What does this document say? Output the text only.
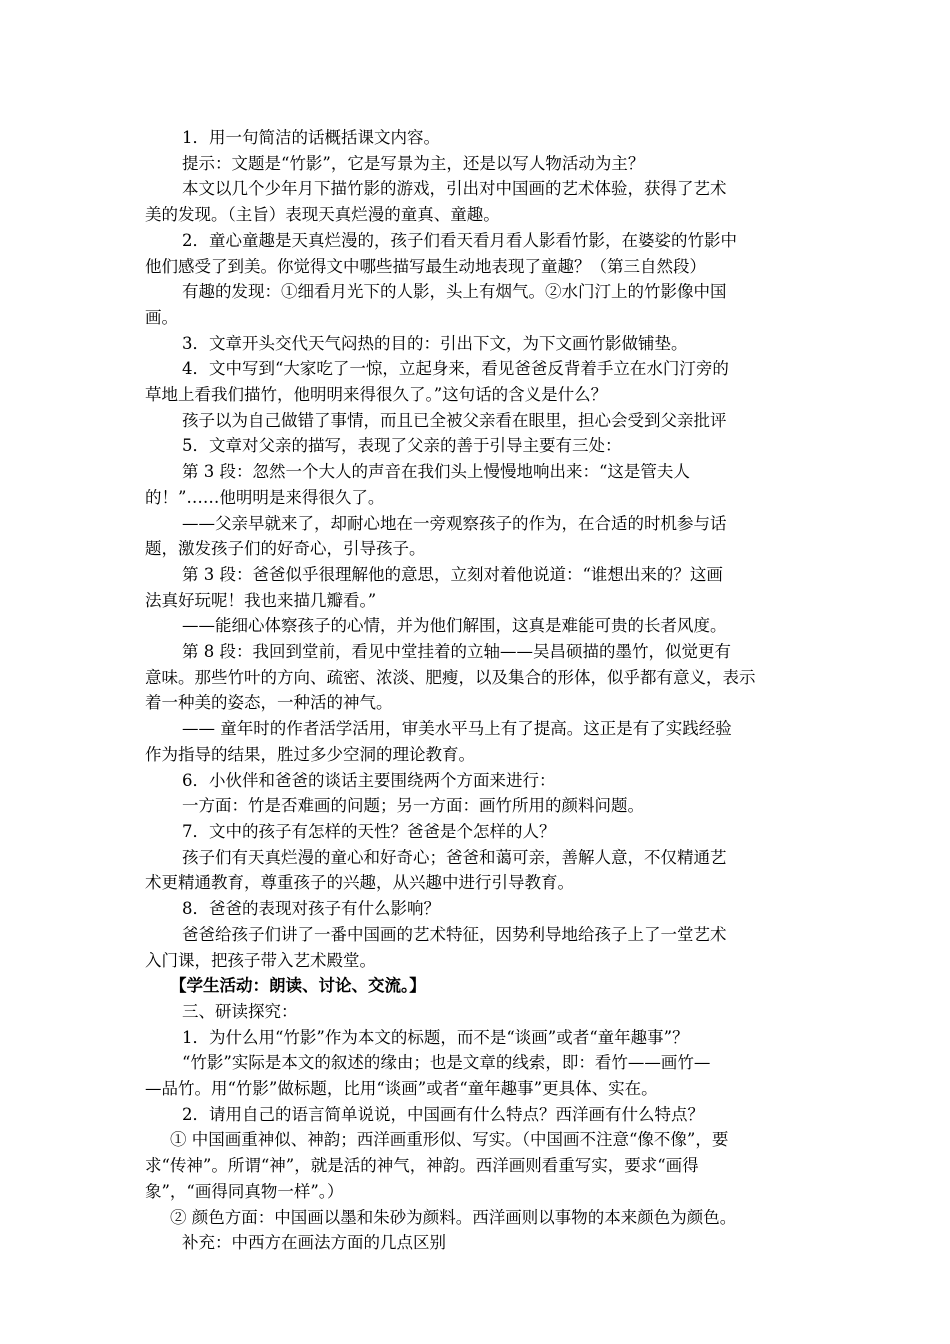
1．用一句简洁的话概括课文内容。

提示：文题是“竹影”，它是写景为主，还是以写人物活动为主？

本文以几个少年月下描竹影的游戏，引出对中国画的艺术体验，获得了艺术

美的发现。（主旨）表现天真烂漫的童真、童趣。

2．童心童趣是天真烂漫的，孩子们看天看月看人影看竹影，在婆娑的竹影中

他们感受了到美。你觉得文中哪些描写最生动地表现了童趣？（第三自然段）

有趣的发现：①细看月光下的人影，头上有烟气。②水门汀上的竹影像中国

画。

3．文章开头交代天气闷热的目的：引出下文，为下文画竹影做铺垫。

4．文中写到“大家吃了一惊，立起身来，看见爸爸反背着手立在水门汀旁的

草地上看我们描竹，他明明来得很久了。”这句话的含义是什么？

孩子以为自己做错了事情，而且已全被父亲看在眼里，担心会受到父亲批评

5．文章对父亲的描写，表现了父亲的善于引导主要有三处：

第 3 段：忽然一个大人的声音在我们头上慢慢地响出来：“这是管夫人

的！”……他明明是来得很久了。

——父亲早就来了，却耐心地在一旁观察孩子的作为，在合适的时机参与话

题，激发孩子们的好奇心，引导孩子。

第 3 段：爸爸似乎很理解他的意思，立刻对着他说道：“谁想出来的？这画

法真好玩呢！我也来描几瓣看。”

——能细心体察孩子的心情，并为他们解围，这真是难能可贵的长者风度。

第 8 段：我回到堂前，看见中堂挂着的立轴——吴昌硕描的墨竹，似觉更有

意味。那些竹叶的方向、疏密、浓淡、肥瘦，以及集合的形体，似乎都有意义，表示

着一种美的姿态，一种活的神气。

—— 童年时的作者活学活用，审美水平马上有了提高。这正是有了实践经验

作为指导的结果，胜过多少空洞的理论教育。

6．小伙伴和爸爸的谈话主要围绕两个方面来进行：

一方面：竹是否难画的问题；另一方面：画竹所用的颜料问题。

7．文中的孩子有怎样的天性？爸爸是个怎样的人？

孩子们有天真烂漫的童心和好奇心；爸爸和蔼可亲，善解人意，不仅精通艺

术更精通教育，尊重孩子的兴趣，从兴趣中进行引导教育。

8．爸爸的表现对孩子有什么影响？

爸爸给孩子们讲了一番中国画的艺术特征，因势利导地给孩子上了一堂艺术

入门课，把孩子带入艺术殿堂。

【学生活动：朗读、讨论、交流。】

三、研读探究：

1．为什么用“竹影”作为本文的标题，而不是“谈画”或者“童年趣事”？

“竹影”实际是本文的叙述的缘由；也是文章的线索，即：看竹——画竹—

—品竹。用“竹影”做标题，比用“谈画”或者“童年趣事”更具体、实在。

2．请用自己的语言简单说说，中国画有什么特点？西洋画有什么特点？

① 中国画重神似、神韵；西洋画重形似、写实。（中国画不注意“像不像”，要

求“传神”。所谓“神”，就是活的神气，神韵。西洋画则看重写实，要求“画得

象”，“画得同真物一样”。）

② 颜色方面：中国画以墨和朱砂为颜料。西洋画则以事物的本来颜色为颜色。

补充：中西方在画法方面的几点区别
